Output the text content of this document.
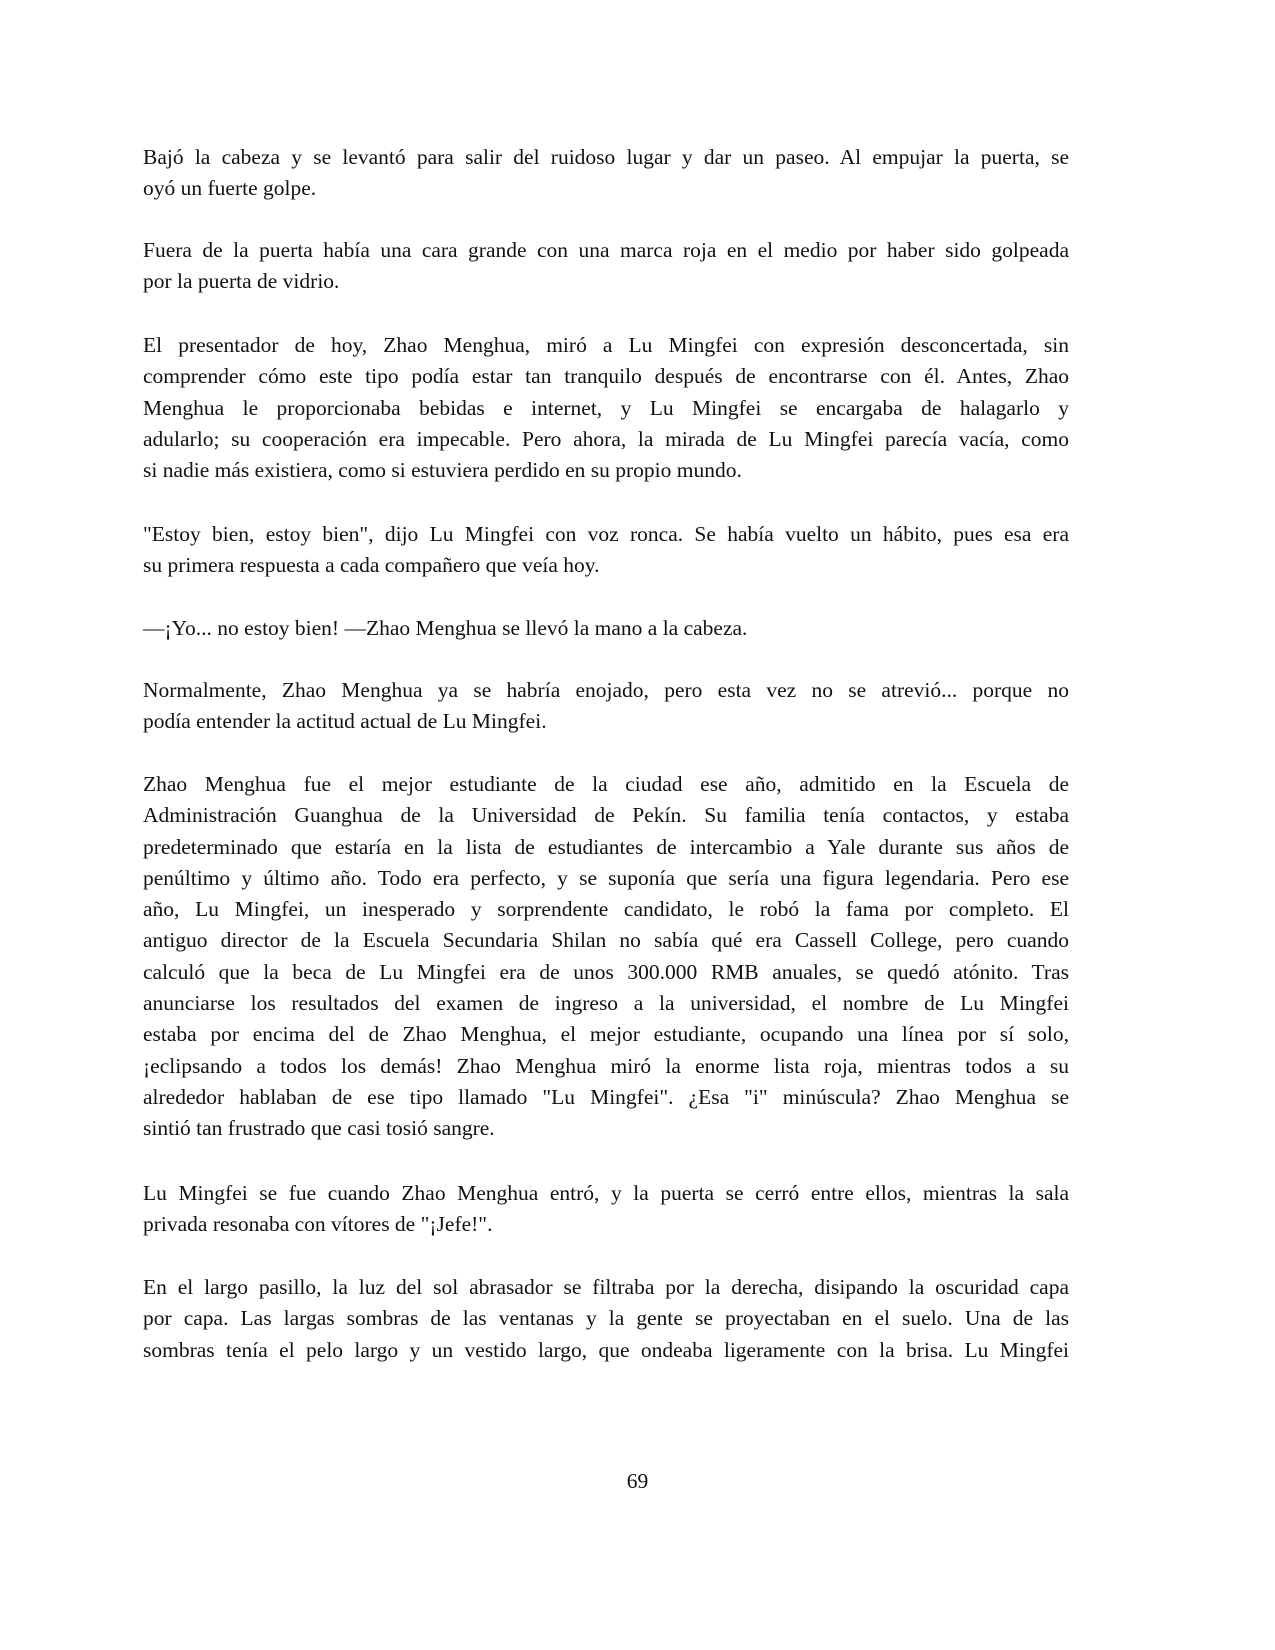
Bajó la cabeza y se levantó para salir del ruidoso lugar y dar un paseo. Al empujar la puerta, se
oyó un fuerte golpe.
Fuera de la puerta había una cara grande con una marca roja en el medio por haber sido golpeada
por la puerta de vidrio.
El presentador de hoy, Zhao Menghua, miró a Lu Mingfei con expresión desconcertada, sin
comprender cómo este tipo podía estar tan tranquilo después de encontrarse con él. Antes, Zhao
Menghua le proporcionaba bebidas e internet, y Lu Mingfei se encargaba de halagarlo y
adularlo; su cooperación era impecable. Pero ahora, la mirada de Lu Mingfei parecía vacía, como
si nadie más existiera, como si estuviera perdido en su propio mundo.
"Estoy bien, estoy bien", dijo Lu Mingfei con voz ronca. Se había vuelto un hábito, pues esa era
su primera respuesta a cada compañero que veía hoy.
—¡Yo... no estoy bien! —Zhao Menghua se llevó la mano a la cabeza.
Normalmente, Zhao Menghua ya se habría enojado, pero esta vez no se atrevió... porque no
podía entender la actitud actual de Lu Mingfei.
Zhao Menghua fue el mejor estudiante de la ciudad ese año, admitido en la Escuela de
Administración Guanghua de la Universidad de Pekín. Su familia tenía contactos, y estaba
predeterminado que estaría en la lista de estudiantes de intercambio a Yale durante sus años de
penúltimo y último año. Todo era perfecto, y se suponía que sería una figura legendaria. Pero ese
año, Lu Mingfei, un inesperado y sorprendente candidato, le robó la fama por completo. El
antiguo director de la Escuela Secundaria Shilan no sabía qué era Cassell College, pero cuando
calculó que la beca de Lu Mingfei era de unos 300.000 RMB anuales, se quedó atónito. Tras
anunciarse los resultados del examen de ingreso a la universidad, el nombre de Lu Mingfei
estaba por encima del de Zhao Menghua, el mejor estudiante, ocupando una línea por sí solo,
¡eclipsando a todos los demás! Zhao Menghua miró la enorme lista roja, mientras todos a su
alrededor hablaban de ese tipo llamado "Lu Mingfei". ¿Esa "i" minúscula? Zhao Menghua se
sintió tan frustrado que casi tosió sangre.
Lu Mingfei se fue cuando Zhao Menghua entró, y la puerta se cerró entre ellos, mientras la sala
privada resonaba con vítores de "¡Jefe!".
En el largo pasillo, la luz del sol abrasador se filtraba por la derecha, disipando la oscuridad capa
por capa. Las largas sombras de las ventanas y la gente se proyectaban en el suelo. Una de las
sombras tenía el pelo largo y un vestido largo, que ondeaba ligeramente con la brisa. Lu Mingfei
69
